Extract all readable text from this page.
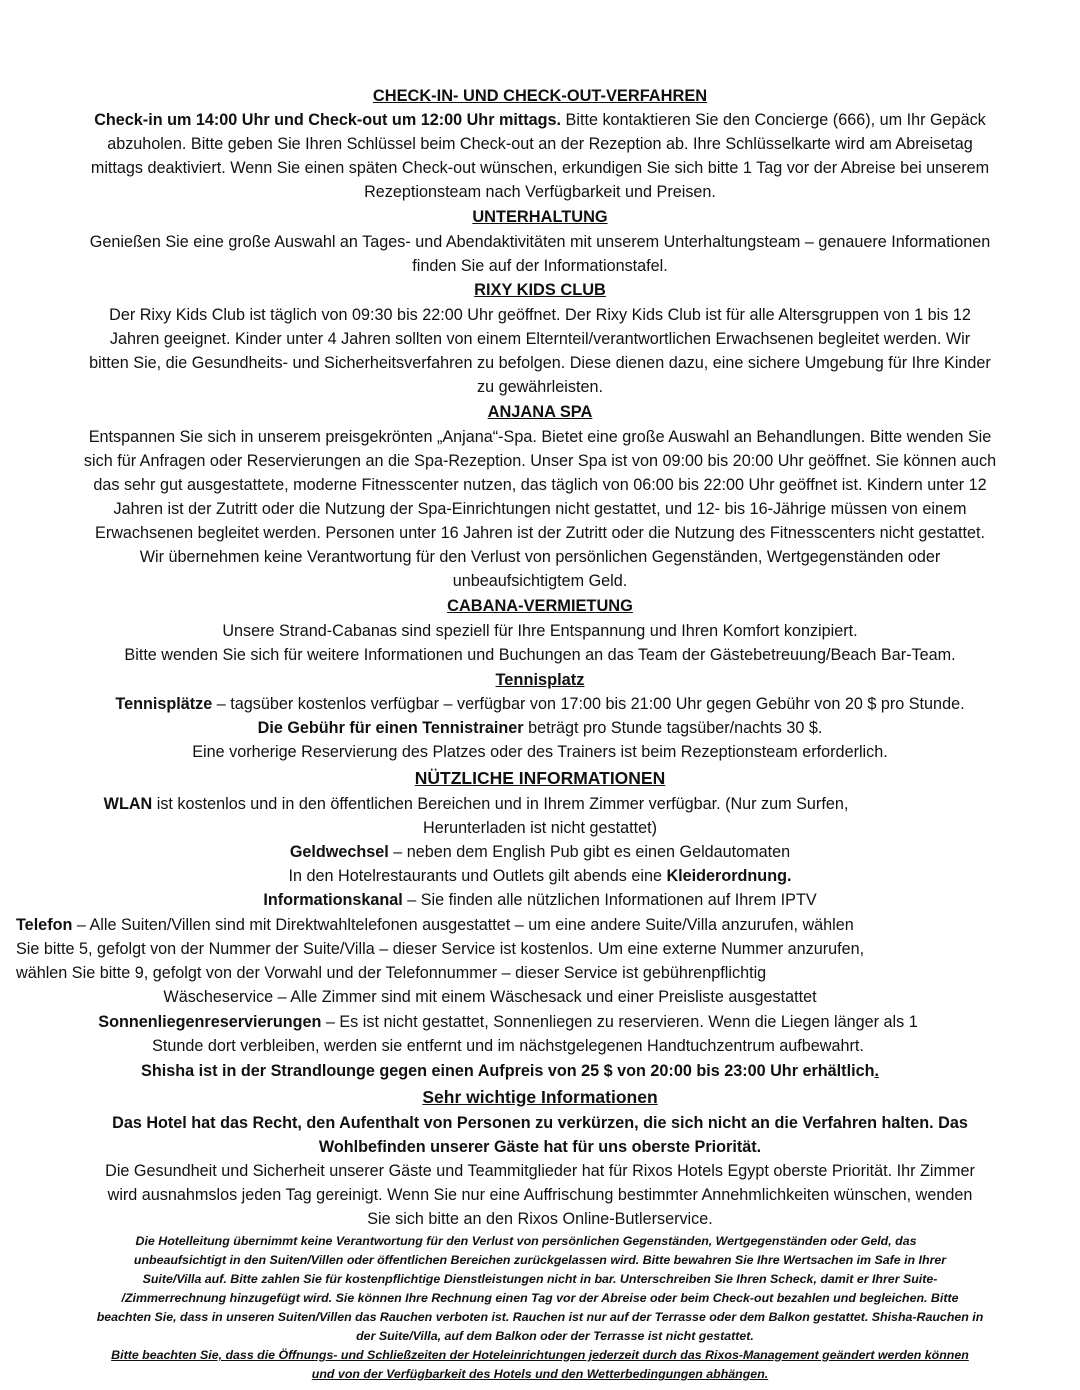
CHECK-IN- UND CHECK-OUT-VERFAHREN
Check-in um 14:00 Uhr und Check-out um 12:00 Uhr mittags. Bitte kontaktieren Sie den Concierge (666), um Ihr Gepäck
abzuholen. Bitte geben Sie Ihren Schlüssel beim Check-out an der Rezeption ab. Ihre Schlüsselkarte wird am Abreisetag
mittags deaktiviert. Wenn Sie einen späten Check-out wünschen, erkundigen Sie sich bitte 1 Tag vor der Abreise bei unserem
Rezeptionsteam nach Verfügbarkeit und Preisen.
UNTERHALTUNG
Genießen Sie eine große Auswahl an Tages- und Abendaktivitäten mit unserem Unterhaltungsteam – genauere Informationen
finden Sie auf der Informationstafel.
RIXY KIDS CLUB
Der Rixy Kids Club ist täglich von 09:30 bis 22:00 Uhr geöffnet. Der Rixy Kids Club ist für alle Altersgruppen von 1 bis 12
Jahren geeignet. Kinder unter 4 Jahren sollten von einem Elternteil/verantwortlichen Erwachsenen begleitet werden. Wir
bitten Sie, die Gesundheits- und Sicherheitsverfahren zu befolgen. Diese dienen dazu, eine sichere Umgebung für Ihre Kinder
zu gewährleisten.
ANJANA SPA
Entspannen Sie sich in unserem preisgekrönten „Anjana“-Spa. Bietet eine große Auswahl an Behandlungen. Bitte wenden Sie
sich für Anfragen oder Reservierungen an die Spa-Rezeption. Unser Spa ist von 09:00 bis 20:00 Uhr geöffnet. Sie können auch
das sehr gut ausgestattete, moderne Fitnesscenter nutzen, das täglich von 06:00 bis 22:00 Uhr geöffnet ist. Kindern unter 12
Jahren ist der Zutritt oder die Nutzung der Spa-Einrichtungen nicht gestattet, und 12- bis 16-Jährige müssen von einem
Erwachsenen begleitet werden. Personen unter 16 Jahren ist der Zutritt oder die Nutzung des Fitnesscenters nicht gestattet.
Wir übernehmen keine Verantwortung für den Verlust von persönlichen Gegenständen, Wertgegenständen oder
unbeaufsichtigtem Geld.
CABANA-VERMIETUNG
Unsere Strand-Cabanas sind speziell für Ihre Entspannung und Ihren Komfort konzipiert.
Bitte wenden Sie sich für weitere Informationen und Buchungen an das Team der Gästebetreuung/Beach Bar-Team.
Tennisplatz
Tennisplätze – tagsüber kostenlos verfügbar – verfügbar von 17:00 bis 21:00 Uhr gegen Gebühr von 20 $ pro Stunde.
Die Gebühr für einen Tennistrainer beträgt pro Stunde tagsüber/nachts 30 $.
Eine vorherige Reservierung des Platzes oder des Trainers ist beim Rezeptionsteam erforderlich.
NÜTZLICHE INFORMATIONEN
WLAN ist kostenlos und in den öffentlichen Bereichen und in Ihrem Zimmer verfügbar. (Nur zum Surfen,
Herunterladen ist nicht gestattet)
Geldwechsel – neben dem English Pub gibt es einen Geldautomaten
In den Hotelrestaurants und Outlets gilt abends eine Kleiderordnung.
Informationskanal – Sie finden alle nützlichen Informationen auf Ihrem IPTV
Telefon – Alle Suiten/Villen sind mit Direktwahltelefonen ausgestattet – um eine andere Suite/Villa anzurufen, wählen
Sie bitte 5, gefolgt von der Nummer der Suite/Villa – dieser Service ist kostenlos. Um eine externe Nummer anzurufen,
wählen Sie bitte 9, gefolgt von der Vorwahl und der Telefonnummer – dieser Service ist gebührenpflichtig
Wäscheservice – Alle Zimmer sind mit einem Wäschesack und einer Preisliste ausgestattet
Sonnenliegenreservierungen – Es ist nicht gestattet, Sonnenliegen zu reservieren. Wenn die Liegen länger als 1
Stunde dort verbleiben, werden sie entfernt und im nächstgelegenen Handtuchzentrum aufbewahrt.
Shisha ist in der Strandlounge gegen einen Aufpreis von 25 $ von 20:00 bis 23:00 Uhr erhältlich.
Sehr wichtige Informationen
Das Hotel hat das Recht, den Aufenthalt von Personen zu verkürzen, die sich nicht an die Verfahren halten. Das
Wohlbefinden unserer Gäste hat für uns oberste Priorität.
Die Gesundheit und Sicherheit unserer Gäste und Teammitglieder hat für Rixos Hotels Egypt oberste Priorität. Ihr Zimmer
wird ausnahmslos jeden Tag gereinigt. Wenn Sie nur eine Auffrischung bestimmter Annehmlichkeiten wünschen, wenden
Sie sich bitte an den Rixos Online-Butlerservice.
Die Hotelleitung übernimmt keine Verantwortung für den Verlust von persönlichen Gegenständen, Wertgegenständen oder Geld, das
unbeaufsichtigt in den Suiten/Villen oder öffentlichen Bereichen zurückgelassen wird. Bitte bewahren Sie Ihre Wertsachen im Safe in Ihrer
Suite/Villa auf. Bitte zahlen Sie für kostenpflichtige Dienstleistungen nicht in bar. Unterschreiben Sie Ihren Scheck, damit er Ihrer Suite-
/Zimmerrechnung hinzugefügt wird. Sie können Ihre Rechnung einen Tag vor der Abreise oder beim Check-out bezahlen und begleichen. Bitte
beachten Sie, dass in unseren Suiten/Villen das Rauchen verboten ist. Rauchen ist nur auf der Terrasse oder dem Balkon gestattet. Shisha-Rauchen in
der Suite/Villa, auf dem Balkon oder der Terrasse ist nicht gestattet.
Bitte beachten Sie, dass die Öffnungs- und Schließzeiten der Hoteleinrichtungen jederzeit durch das Rixos-Management geändert werden können
und von der Verfügbarkeit des Hotels und den Wetterbedingungen abhängen.
